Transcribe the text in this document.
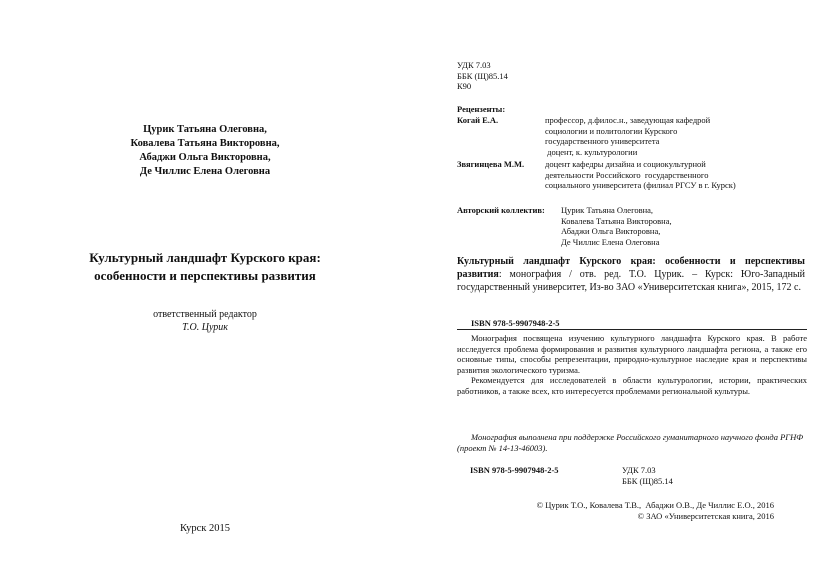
Цурик Татьяна Олеговна,
Ковалева Татьяна Викторовна,
Абаджи Ольга Викторовна,
Де Чиллис Елена Олеговна
Культурный ландшафт Курского края:
особенности и перспективы развития
ответственный редактор
Т.О. Цурик
Курск 2015
УДК 7.03
ББК (Щ)85.14
К90
Рецензенты:
Когай Е.А.	профессор, д.филос.н., заведующая кафедрой
социологии и политологии Курского
государственного университета
доцент, к. культурологии
Звягинцева М.М. доцент кафедры дизайна и социокультурной
деятельности Российского  государственного
социального университета (филиал РГСУ в г. Курск)
Авторский коллектив: Цурик Татьяна Олеговна,
Ковалева Татьяна Викторовна,
Абаджи Ольга Викторовна,
Де Чиллис Елена Олеговна
Культурный ландшафт Курского края: особенности и перспективы развития: монография / отв. ред. Т.О. Цурик. – Курск: Юго-Западный государственный университет, Из-во ЗАО «Университетская книга», 2015, 172 с.
ISBN 978-5-9907948-2-5

Монография посвящена изучению культурного ландшафта Курского края. В работе исследуется проблема формирования и развития культурного ландшафта региона, а также его основные типы, способы репрезентации, природно-культурное наследие края и перспективы развития экологического туризма.

Рекомендуется для исследователей в области культурологии, истории, практических работников, а также всех, кто интересуется проблемами региональной культуры.

Монография выполнена при поддержке Российского гуманитарного научного фонда РГНФ (проект № 14-13-46003).
ISBN 978-5-9907948-2-5	УДК 7.03
ББК (Щ)85.14
© Цурик Т.О., Ковалева Т.В.,  Абаджи О.В., Де Чиллис Е.О., 2016
© ЗАО «Университетская книга, 2016
